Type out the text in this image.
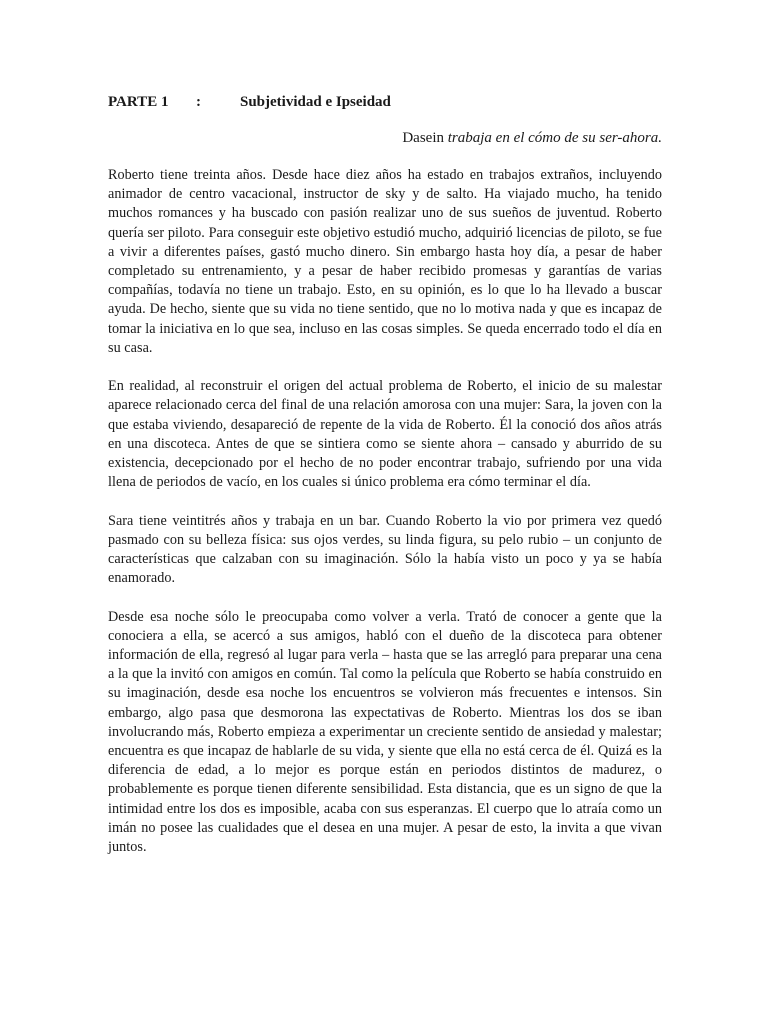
PARTE 1 :	Subjetividad e Ipseidad
Dasein trabaja en el cómo de su ser-ahora.

Roberto tiene treinta años. Desde hace diez años ha estado en trabajos extraños, incluyendo animador de centro vacacional, instructor de sky y de salto. Ha viajado mucho, ha tenido muchos romances y ha buscado con pasión realizar uno de sus sueños de juventud. Roberto quería ser piloto. Para conseguir este objetivo estudió mucho, adquirió licencias de piloto, se fue a vivir a diferentes países, gastó mucho dinero. Sin embargo hasta hoy día, a pesar de haber completado su entrenamiento, y a pesar de haber recibido promesas y garantías de varias compañías, todavía no tiene un trabajo. Esto, en su opinión, es lo que lo ha llevado a buscar ayuda. De hecho, siente que su vida no tiene sentido, que no lo motiva nada y que es incapaz de tomar la iniciativa en lo que sea, incluso en las cosas simples. Se queda encerrado todo el día en su casa.

En realidad, al reconstruir el origen del actual problema de Roberto, el inicio de su malestar aparece relacionado cerca del final de una relación amorosa con una mujer: Sara, la joven con la que estaba viviendo, desapareció de repente de la vida de Roberto. Él la conoció dos años atrás en una discoteca. Antes de que se sintiera como se siente ahora – cansado y aburrido de su existencia, decepcionado por el hecho de no poder encontrar trabajo, sufriendo por una vida llena de periodos de vacío, en los cuales si único problema era cómo terminar el día.

Sara tiene veintitrés años y trabaja en un bar. Cuando Roberto la vio por primera vez quedó pasmado con su belleza física: sus ojos verdes, su linda figura, su pelo rubio – un conjunto de características que calzaban con su imaginación. Sólo la había visto un poco y ya se había enamorado.

Desde esa noche sólo le preocupaba como volver a verla. Trató de conocer a gente que la conociera a ella, se acercó a sus amigos, habló con el dueño de la discoteca para obtener información de ella, regresó al lugar para verla – hasta que se las arregló para preparar una cena a la que la invitó con amigos en común. Tal como la película que Roberto se había construido en su imaginación, desde esa noche los encuentros se volvieron más frecuentes e intensos. Sin embargo, algo pasa que desmorona las expectativas de Roberto. Mientras los dos se iban involucrando más, Roberto empieza a experimentar un creciente sentido de ansiedad y malestar; encuentra es que incapaz de hablarle de su vida, y siente que ella no está cerca de él. Quizá es la diferencia de edad, a lo mejor es porque están en periodos distintos de madurez, o probablemente es porque tienen diferente sensibilidad. Esta distancia, que es un signo de que la intimidad entre los dos es imposible, acaba con sus esperanzas. El cuerpo que lo atraía como un imán no posee las cualidades que el desea en una mujer. A pesar de esto, la invita a que vivan juntos.
